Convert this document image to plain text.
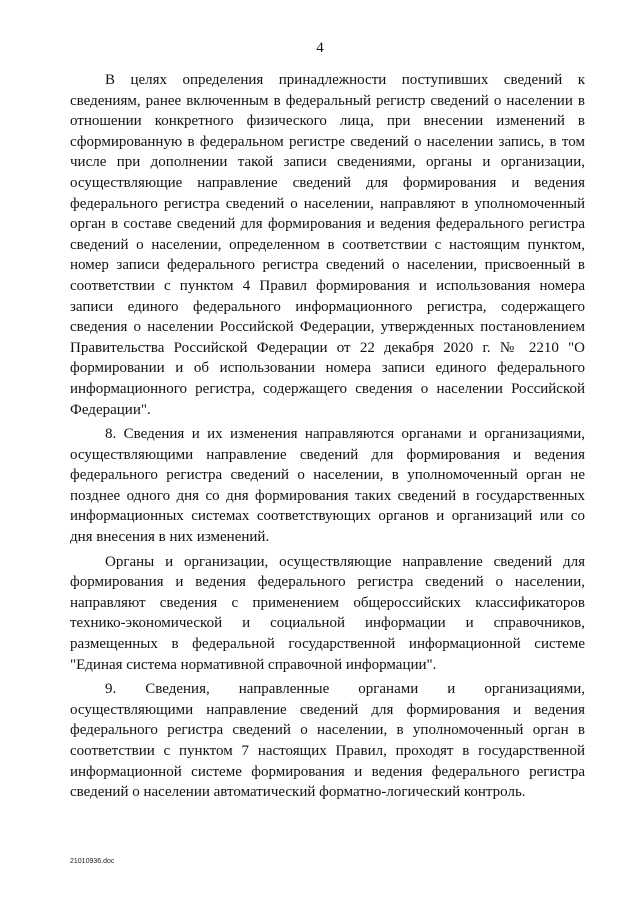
4

В целях определения принадлежности поступивших сведений к сведениям, ранее включенным в федеральный регистр сведений о населении в отношении конкретного физического лица, при внесении изменений в сформированную в федеральном регистре сведений о населении запись, в том числе при дополнении такой записи сведениями, органы и организации, осуществляющие направление сведений для формирования и ведения федерального регистра сведений о населении, направляют в уполномоченный орган в составе сведений для формирования и ведения федерального регистра сведений о населении, определенном в соответствии с настоящим пунктом, номер записи федерального регистра сведений о населении, присвоенный в соответствии с пунктом 4 Правил формирования и использования номера записи единого федерального информационного регистра, содержащего сведения о населении Российской Федерации, утвержденных постановлением Правительства Российской Федерации от 22 декабря 2020 г. № 2210 "О формировании и об использовании номера записи единого федерального информационного регистра, содержащего сведения о населении Российской Федерации".

8. Сведения и их изменения направляются органами и организациями, осуществляющими направление сведений для формирования и ведения федерального регистра сведений о населении, в уполномоченный орган не позднее одного дня со дня формирования таких сведений в государственных информационных системах соответствующих органов и организаций или со дня внесения в них изменений.

Органы и организации, осуществляющие направление сведений для формирования и ведения федерального регистра сведений о населении, направляют сведения с применением общероссийских классификаторов технико-экономической и социальной информации и справочников, размещенных в федеральной государственной информационной системе "Единая система нормативной справочной информации".

9. Сведения, направленные органами и организациями, осуществляющими направление сведений для формирования и ведения федерального регистра сведений о населении, в уполномоченный орган в соответствии с пунктом 7 настоящих Правил, проходят в государственной информационной системе формирования и ведения федерального регистра сведений о населении автоматический форматно-логический контроль.

21010936.doc
